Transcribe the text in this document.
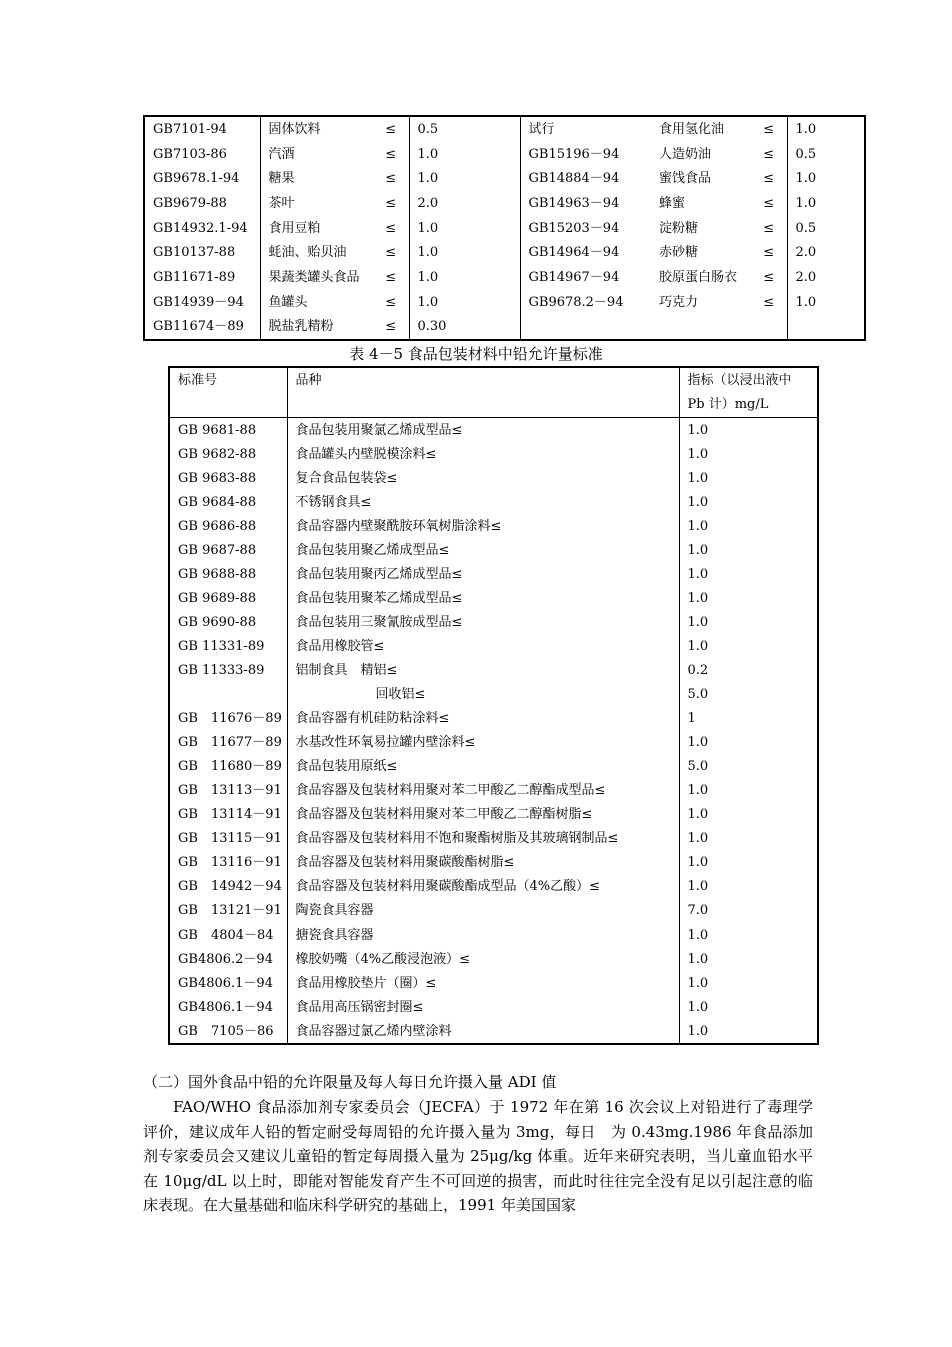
GB7101-94	固体饮料	≤	0.5	试行	食用氢化油	≤	1.0
GB7103-86	汽酒	≤	1.0	GB15196－94	人造奶油	≤	0.5
GB9678.1-94	糖果	≤	1.0	GB14884－94	蜜饯食品	≤	1.0
GB9679-88	茶叶	≤	2.0	GB14963－94	蜂蜜	≤	1.0
GB14932.1-94	食用豆粕	≤	1.0	GB15203－94	淀粉糖	≤	0.5
GB10137-88	蚝油、贻贝油	≤	1.0	GB14964－94	赤砂糖	≤	2.0
GB11671-89	果蔬类罐头食品	≤	1.0	GB14967－94	胶原蛋白肠衣	≤	2.0
GB14939－94	鱼罐头	≤	1.0	GB9678.2－94	巧克力	≤	1.0
GB11674－89	脱盐乳精粉	≤	0.30				
表 4－5 食品包装材料中铅允许量标准
标准号	品种	指标（以浸出液中
		Pb 计）mg/L
GB 9681-88	食品包装用聚氯乙烯成型品≤	1.0
GB 9682-88	食品罐头内壁脱模涂料≤	1.0
GB 9683-88	复合食品包装袋≤	1.0
GB 9684-88	不锈钢食具≤	1.0
GB 9686-88	食品容器内壁聚酰胺环氧树脂涂料≤	1.0
GB 9687-88	食品包装用聚乙烯成型品≤	1.0
GB 9688-88	食品包装用聚丙乙烯成型品≤	1.0
GB 9689-88	食品包装用聚苯乙烯成型品≤	1.0
GB 9690-88	食品包装用三聚氰胺成型品≤	1.0
GB 11331-89	食品用橡胶管≤	1.0
GB 11333-89	铝制食具　精铝≤	0.2
	回收铝≤	5.0
GB　11676－89	食品容器有机硅防粘涂料≤	1
GB　11677－89	水基改性环氧易拉罐内壁涂料≤	1.0
GB　11680－89	食品包装用原纸≤	5.0
GB　13113－91	食品容器及包装材料用聚对苯二甲酸乙二醇酯成型品≤	1.0
GB　13114－91	食品容器及包装材料用聚对苯二甲酸乙二醇酯树脂≤	1.0
GB　13115－91	食品容器及包装材料用不饱和聚酯树脂及其玻璃钢制品≤	1.0
GB　13116－91	食品容器及包装材料用聚碳酸酯树脂≤	1.0
GB　14942－94	食品容器及包装材料用聚碳酸酯成型品（4%乙酸）≤	1.0
GB　13121－91	陶瓷食具容器	7.0
GB　4804－84	搪瓷食具容器	1.0
GB4806.2－94	橡胶奶嘴（4%乙酸浸泡液）≤	1.0
GB4806.1－94	食品用橡胶垫片（圈）≤	1.0
GB4806.1－94	食品用高压锅密封圈≤	1.0
GB　7105－86	食品容器过氯乙烯内壁涂料	1.0
（二）国外食品中铅的允许限量及每人每日允许摄入量 ADI 值
FAO/WHO 食品添加剂专家委员会（JECFA）于 1972 年在第 16 次会议上对铅进行了毒理学评价，建议成年人铅的暂定耐受每周铅的允许摄入量为 3mg，每日　为 0.43mg.1986 年食品添加剂专家委员会又建议儿童铅的暂定每周摄入量为 25μg/kg 体重。近年来研究表明，当儿童血铅水平在 10μg/dL 以上时，即能对智能发育产生不可回逆的损害，而此时往往完全没有足以引起注意的临床表现。在大量基础和临床科学研究的基础上，1991 年美国国家
